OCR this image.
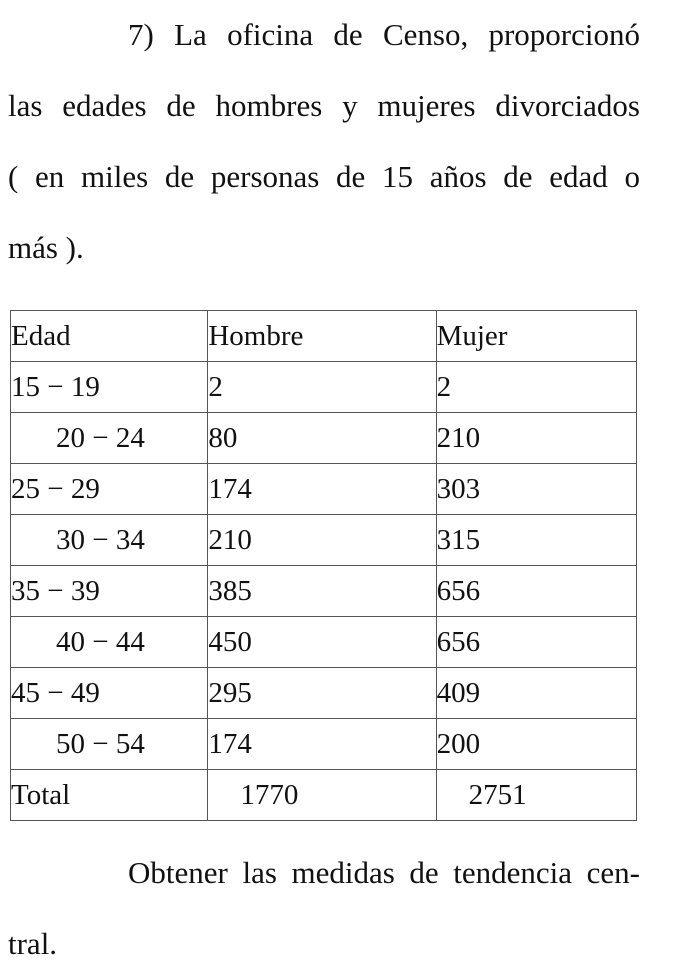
7) La oficina de Censo, proporcionó
las edades de hombres y mujeres divorciados
( en miles de personas de 15 años de edad o
más ).

Edad	Hombre	Mujer
15 − 19	2	2
20 − 24	80	210
25 − 29	174	303
30 − 34	210	315
35 − 39	385	656
40 − 44	450	656
45 − 49	295	409
50 − 54	174	200
Total	1770	2751

Obtener las medidas de tendencia cen-
tral.
